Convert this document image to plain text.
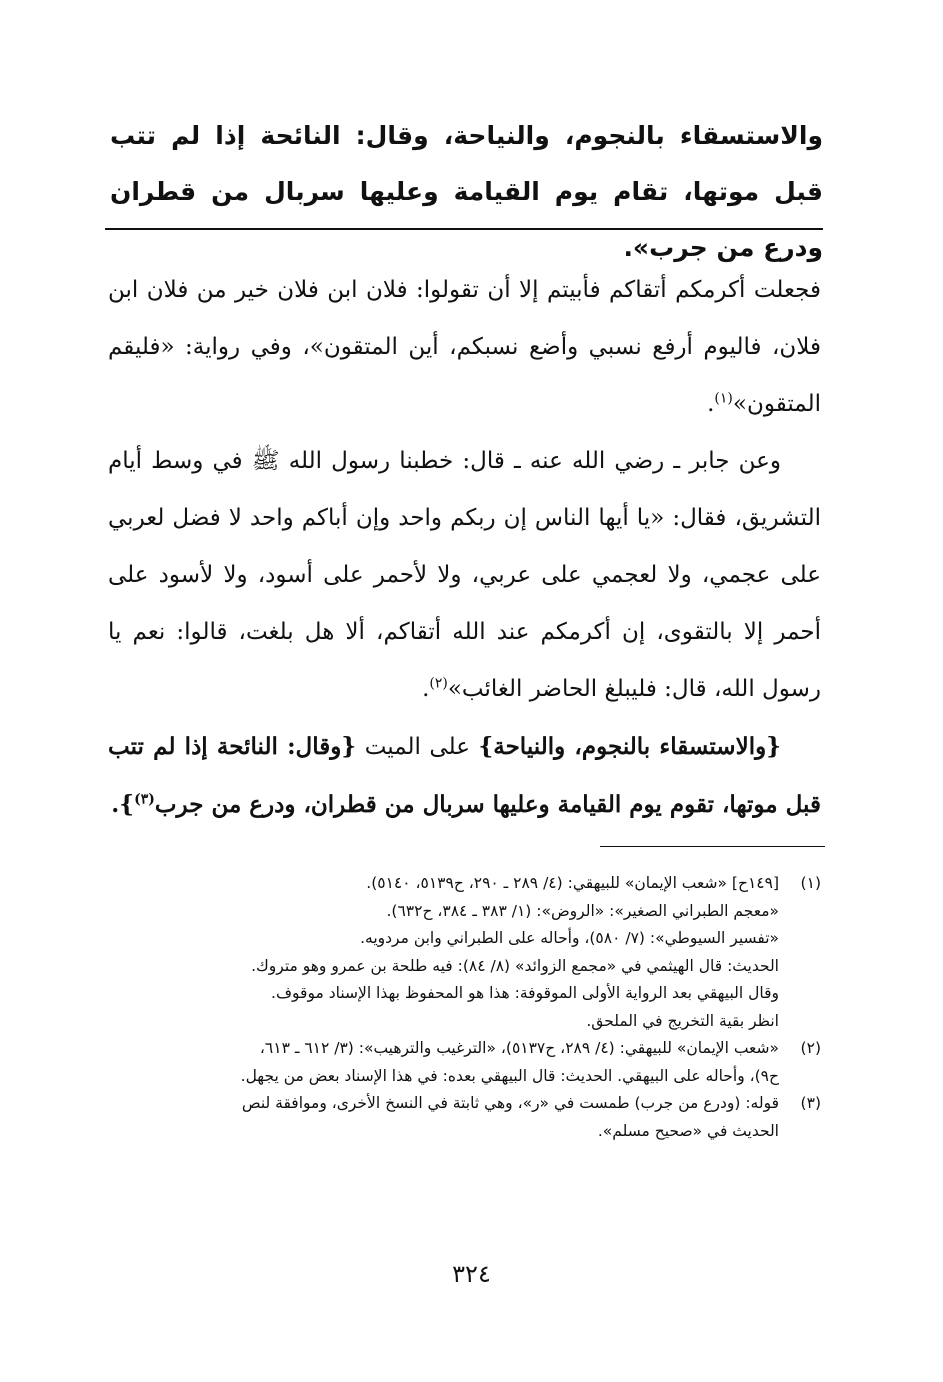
والاستسقاء بالنجوم، والنياحة، وقال: النائحة إذا لم تتب قبل موتها، تقام يوم القيامة وعليها سربال من قطران ودرع من جرب».

فجعلت أكرمكم أتقاكم فأبيتم إلا أن تقولوا: فلان ابن فلان خير من فلان ابن فلان، فاليوم أرفع نسبي وأضع نسبكم، أين المتقون»، وفي رواية: «فليقم المتقون»$^{(١)}$.

وعن جابر ـ رضي الله عنه ـ قال: خطبنا رسول الله ﷺ في وسط أيام التشريق، فقال: «يا أيها الناس إن ربكم واحد وإن أباكم واحد لا فضل لعربي على عجمي، ولا لعجمي على عربي، ولا لأحمر على أسود، ولا لأسود على أحمر إلا بالتقوى، إن أكرمكم عند الله أتقاكم، ألا هل بلغت، قالوا: نعم يا رسول الله، قال: فليبلغ الحاضر الغائب»$^{(٢)}$.

{والاستسقاء بالنجوم، والنياحة} على الميت {وقال: النائحة إذا لم تتب قبل موتها، تقوم يوم القيامة وعليها سربال من قطران، ودرع من جرب$^{(٣)}$}.

(١)
[١٤٩ح] «شعب الإيمان» للبيهقي: (٤/ ٢٨٩ ـ ٢٩٠، ح٥١٣٩، ٥١٤٠).
«معجم الطبراني الصغير»: «الروض»: (١/ ٣٨٣ ـ ٣٨٤، ح٦٣٢).
«تفسير السيوطي»: (٧/ ٥٨٠)، وأحاله على الطبراني وابن مردويه.
الحديث: قال الهيثمي في «مجمع الزوائد» (٨/ ٨٤): فيه طلحة بن عمرو وهو متروك.
وقال البيهقي بعد الرواية الأولى الموقوفة: هذا هو المحفوظ بهذا الإسناد موقوف.
انظر بقية التخريج في الملحق.
(٢)
«شعب الإيمان» للبيهقي: (٤/ ٢٨٩، ح٥١٣٧)، «الترغيب والترهيب»: (٣/ ٦١٢ ـ ٦١٣،
ح٩)، وأحاله على البيهقي. الحديث: قال البيهقي بعده: في هذا الإسناد بعض من يجهل.
(٣)
قوله: (ودرع من جرب) طمست في «ر»، وهي ثابتة في النسخ الأخرى، وموافقة لنص
الحديث في «صحيح مسلم».
٣٢٤
